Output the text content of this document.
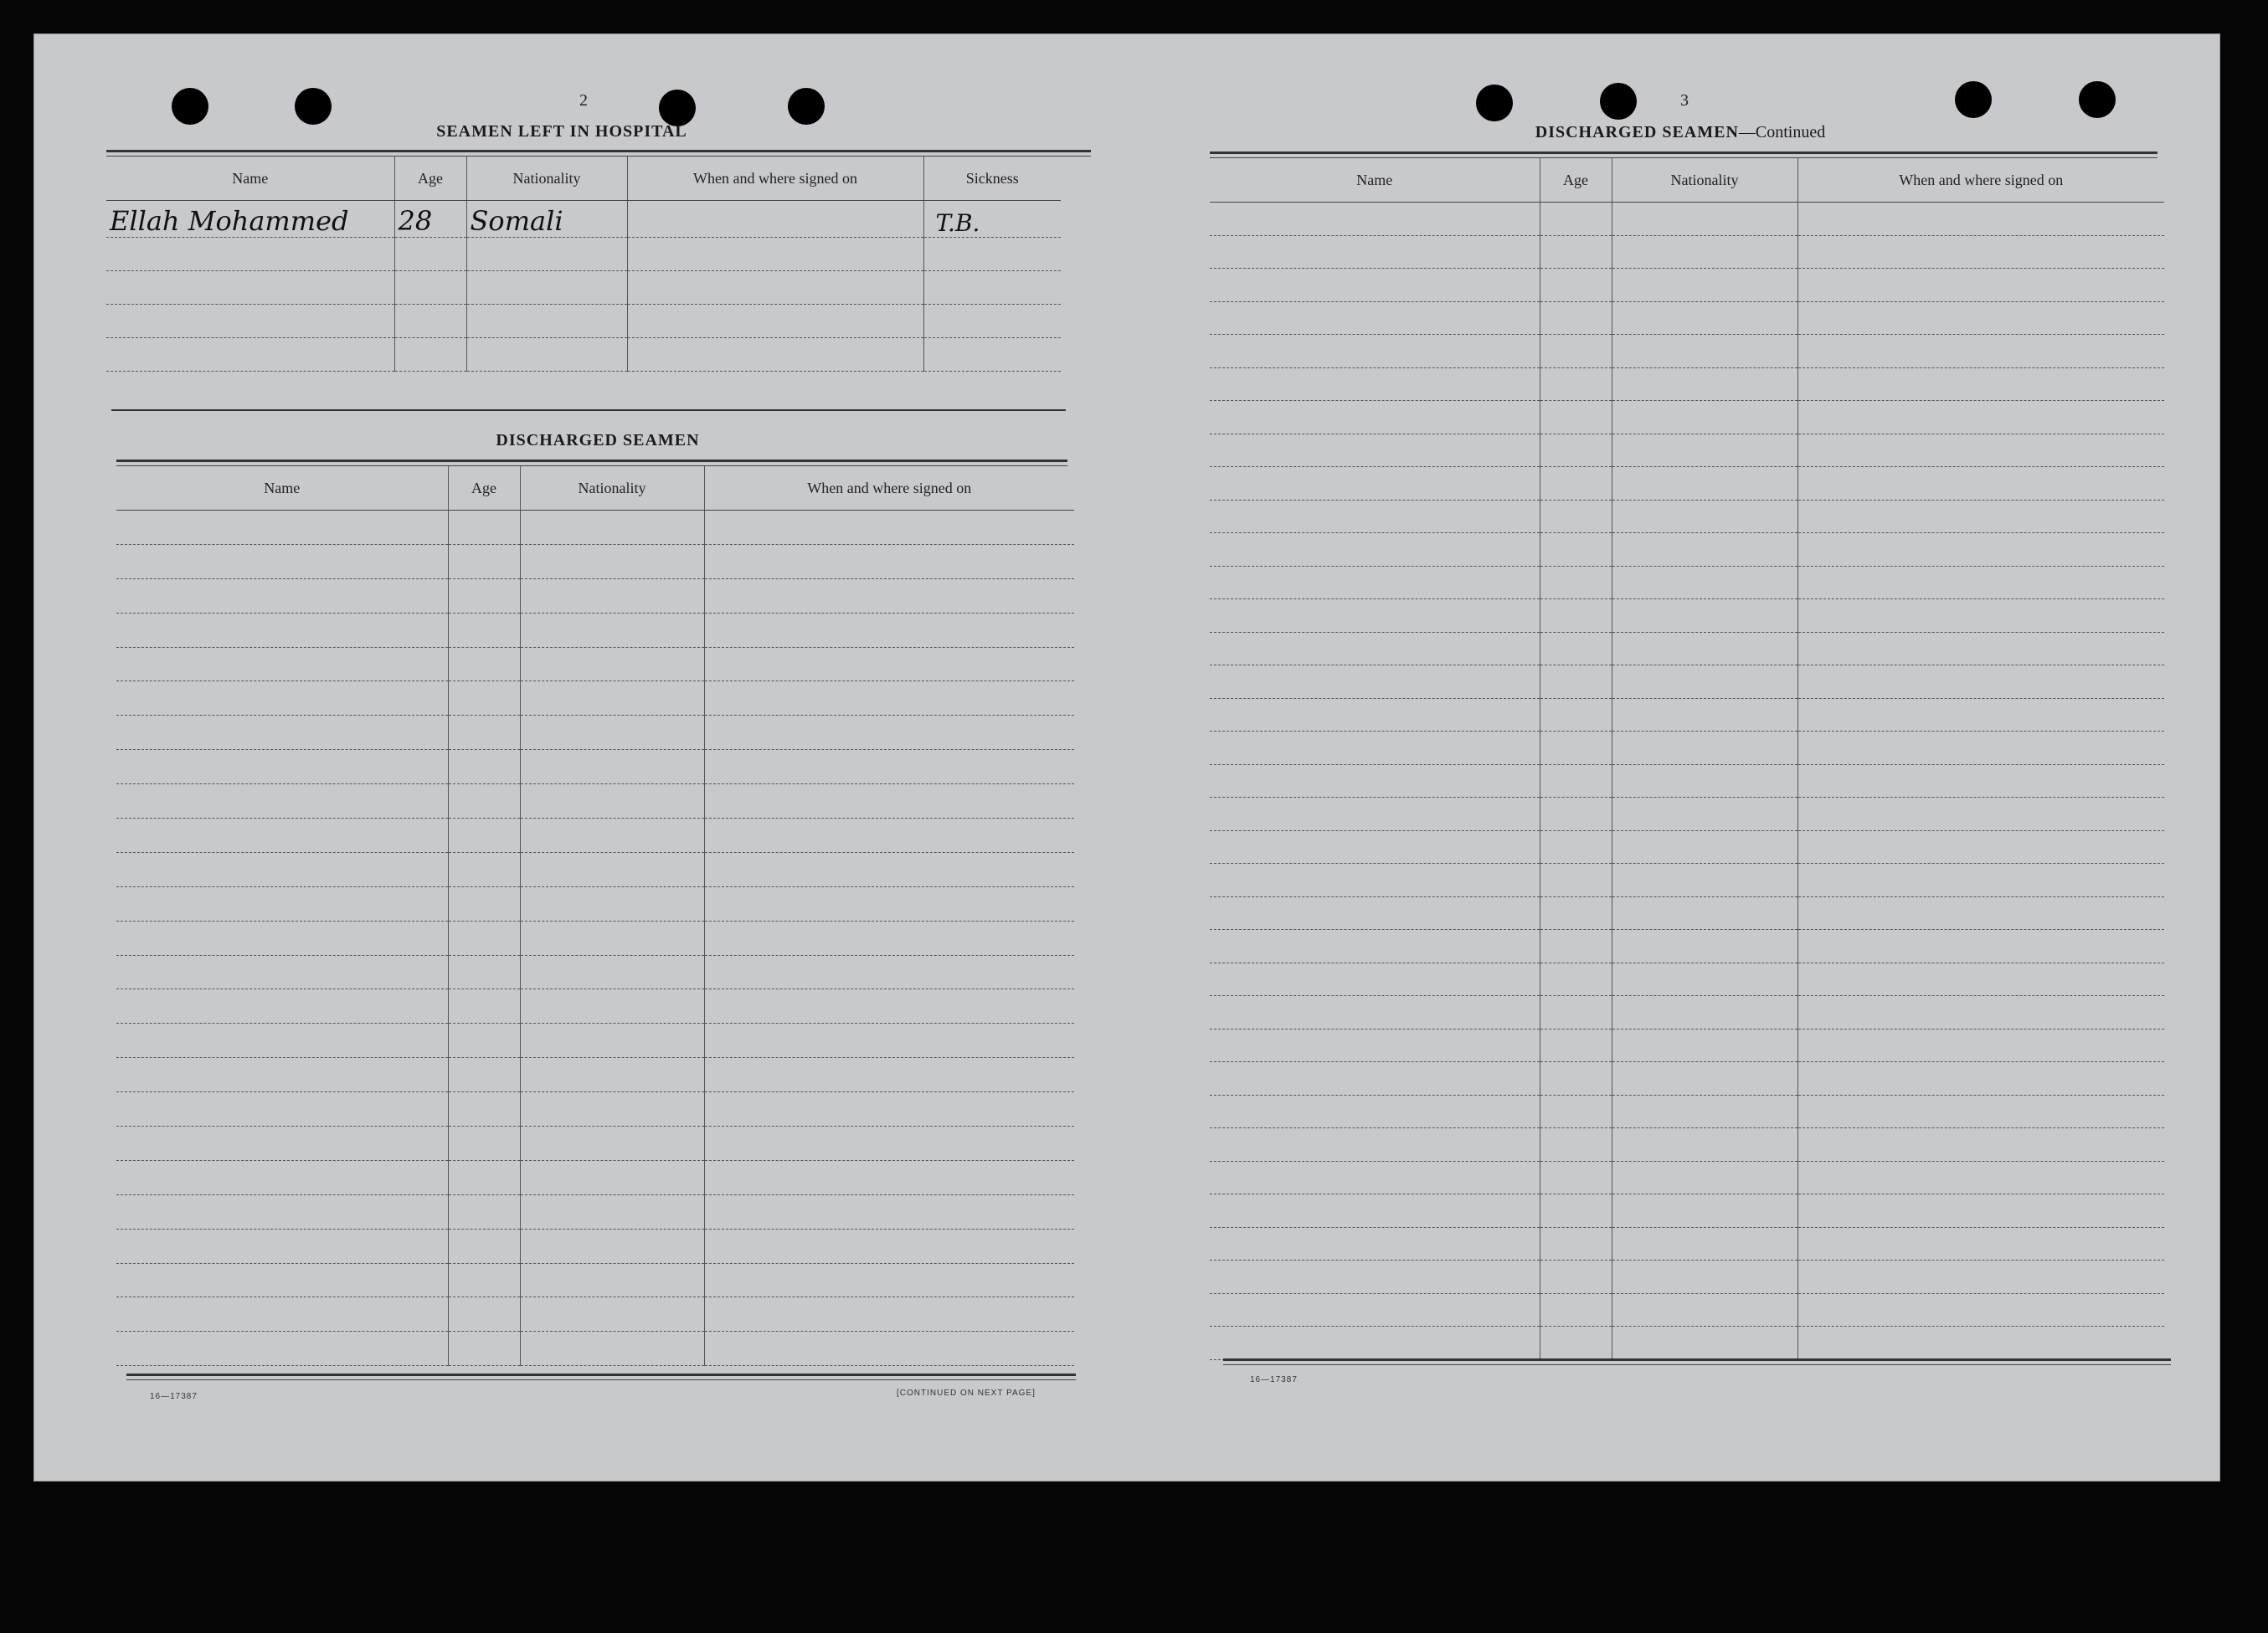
2
SEAMEN LEFT IN HOSPITAL
Name	Age	Nationality	When and where signed on	Sickness
Ellah Mohammed	28	Somali		T.B.

DISCHARGED SEAMEN
Name	Age	Nationality	When and where signed on

16—17387	[CONTINUED ON NEXT PAGE]
3
DISCHARGED SEAMEN—Continued
Name	Age	Nationality	When and where signed on

16—17387
